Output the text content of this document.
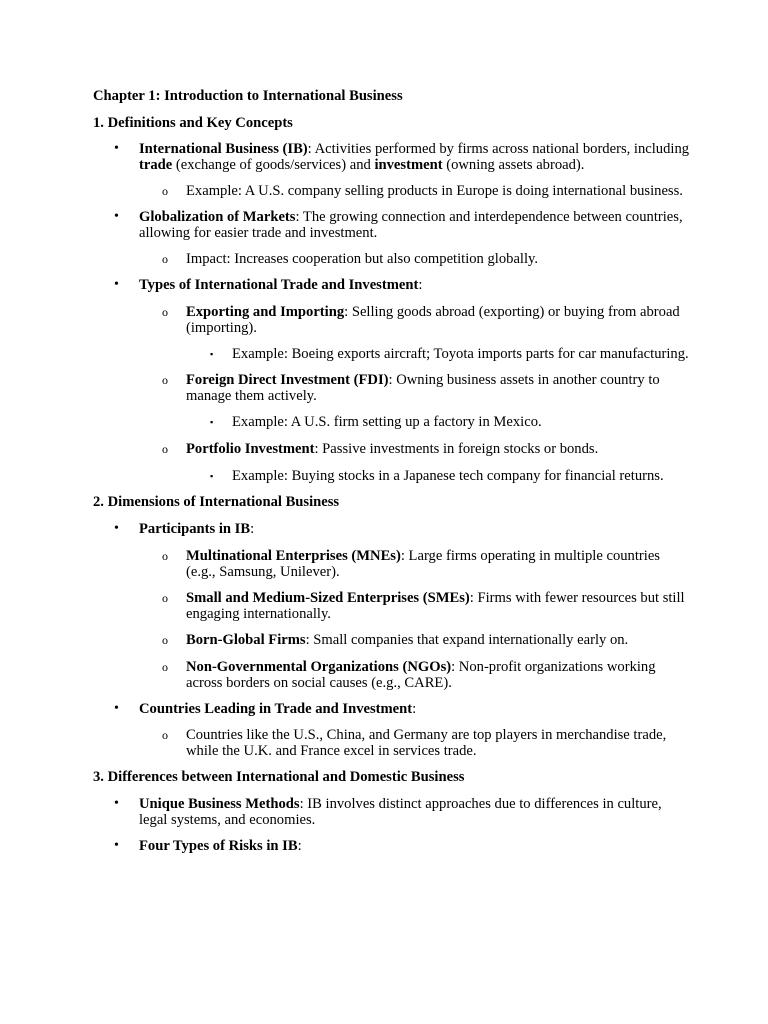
Chapter 1: Introduction to International Business

1. Definitions and Key Concepts

• International Business (IB): Activities performed by firms across national borders, including trade (exchange of goods/services) and investment (owning assets abroad).
o Example: A U.S. company selling products in Europe is doing international business.
• Globalization of Markets: The growing connection and interdependence between countries, allowing for easier trade and investment.
o Impact: Increases cooperation but also competition globally.
• Types of International Trade and Investment:
o Exporting and Importing: Selling goods abroad (exporting) or buying from abroad (importing).
▪ Example: Boeing exports aircraft; Toyota imports parts for car manufacturing.
o Foreign Direct Investment (FDI): Owning business assets in another country to manage them actively.
▪ Example: A U.S. firm setting up a factory in Mexico.
o Portfolio Investment: Passive investments in foreign stocks or bonds.
▪ Example: Buying stocks in a Japanese tech company for financial returns.

2. Dimensions of International Business

• Participants in IB:
o Multinational Enterprises (MNEs): Large firms operating in multiple countries (e.g., Samsung, Unilever).
o Small and Medium-Sized Enterprises (SMEs): Firms with fewer resources but still engaging internationally.
o Born-Global Firms: Small companies that expand internationally early on.
o Non-Governmental Organizations (NGOs): Non-profit organizations working across borders on social causes (e.g., CARE).
• Countries Leading in Trade and Investment:
o Countries like the U.S., China, and Germany are top players in merchandise trade, while the U.K. and France excel in services trade.

3. Differences between International and Domestic Business

• Unique Business Methods: IB involves distinct approaches due to differences in culture, legal systems, and economies.
• Four Types of Risks in IB:
